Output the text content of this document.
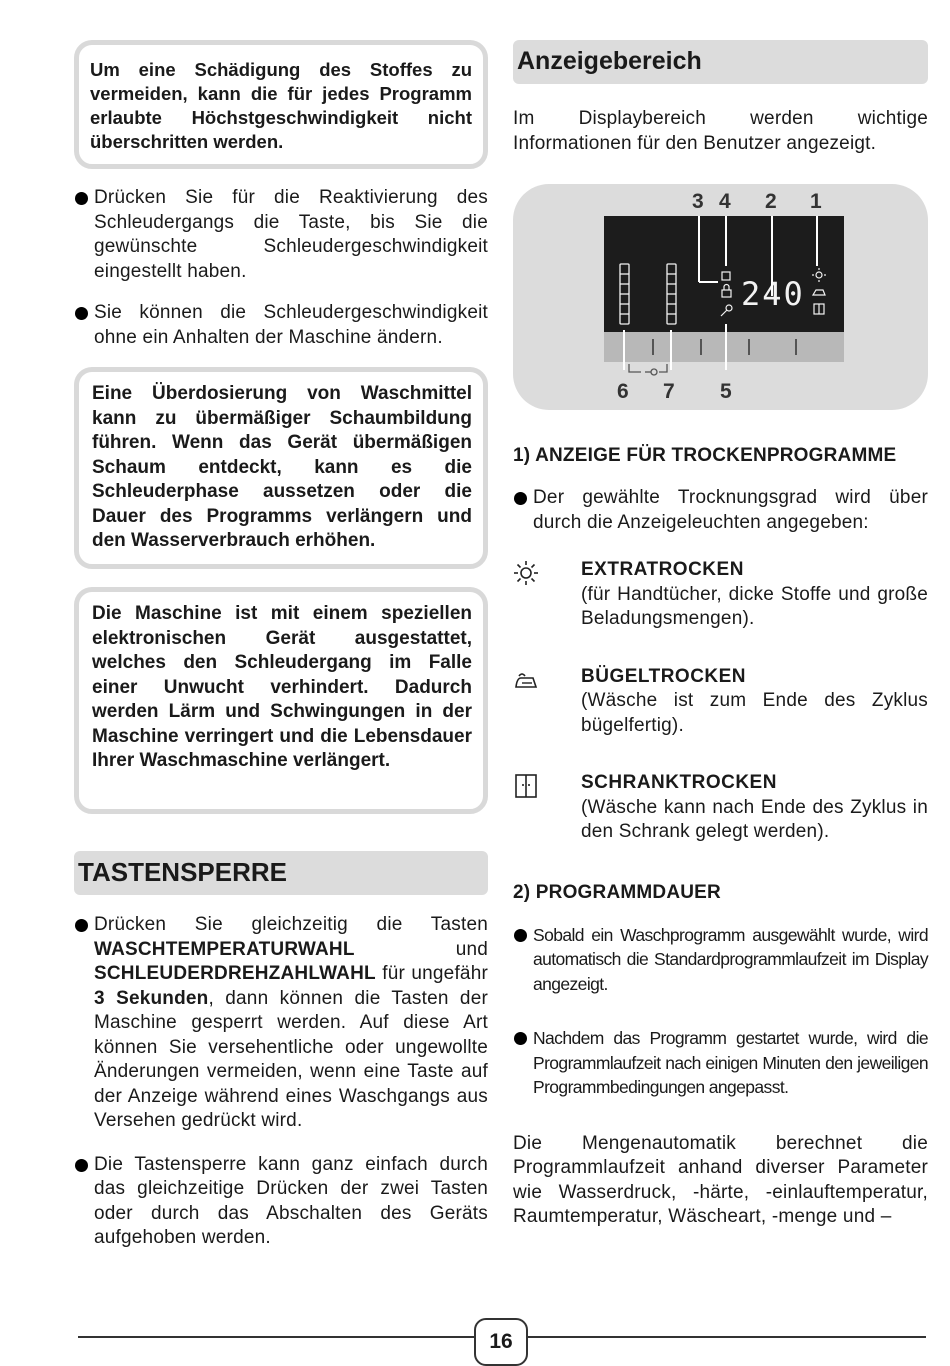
Um eine Schädigung des Stoffes zu vermeiden, kann die für jedes Programm erlaubte Höchstgeschwindigkeit nicht überschritten werden.
Drücken Sie für die Reaktivierung des Schleudergangs die Taste, bis Sie die gewünschte Schleudergeschwindigkeit eingestellt haben.
Sie können die Schleudergeschwindigkeit ohne ein Anhalten der Maschine ändern.
Eine Überdosierung von Waschmittel kann zu übermäßiger Schaumbildung führen. Wenn das Gerät übermäßigen Schaum entdeckt, kann es die Schleuderphase aussetzen oder die Dauer des Programms verlängern und den Wasserverbrauch erhöhen.
Die Maschine ist mit einem speziellen elektronischen Gerät ausgestattet, welches den Schleudergang im Falle einer Unwucht verhindert. Dadurch werden Lärm und Schwingungen in der Maschine verringert und die Lebensdauer Ihrer Waschmaschine verlängert.
TASTENSPERRE
Drücken Sie gleichzeitig die Tasten WASCHTEMPERATURWAHL und SCHLEUDERDREHZAHLWAHL für ungefähr 3 Sekunden, dann können die Tasten der Maschine gesperrt werden. Auf diese Art können Sie versehentliche oder ungewollte Änderungen vermeiden, wenn eine Taste auf der Anzeige während eines Waschgangs aus Versehen gedrückt wird.
Die Tastensperre kann ganz einfach durch das gleichzeitige Drücken der zwei Tasten oder durch das Abschalten des Geräts aufgehoben werden.
Anzeigebereich
Im Displaybereich werden wichtige Informationen für den Benutzer angezeigt.
240
3 4 2 1
6 7 5
1) ANZEIGE FÜR TROCKENPROGRAMME
Der gewählte Trocknungsgrad wird über durch die Anzeigeleuchten angegeben:
EXTRATROCKEN
(für Handtücher, dicke Stoffe und große Beladungsmengen).
BÜGELTROCKEN
(Wäsche ist zum Ende des Zyklus bügelfertig).
SCHRANKTROCKEN
(Wäsche kann nach Ende des Zyklus in den Schrank gelegt werden).
2) PROGRAMMDAUER
Sobald ein Waschprogramm ausgewählt wurde, wird automatisch die Standardprogrammlaufzeit im Display angezeigt.
Nachdem das Programm gestartet wurde, wird die Programmlaufzeit nach einigen Minuten den jeweiligen Programmbedingungen angepasst.
Die Mengenautomatik berechnet die Programmlaufzeit anhand diverser Parameter wie Wasserdruck, -härte, -einlauftemperatur, Raumtemperatur, Wäscheart, -menge und –
16
